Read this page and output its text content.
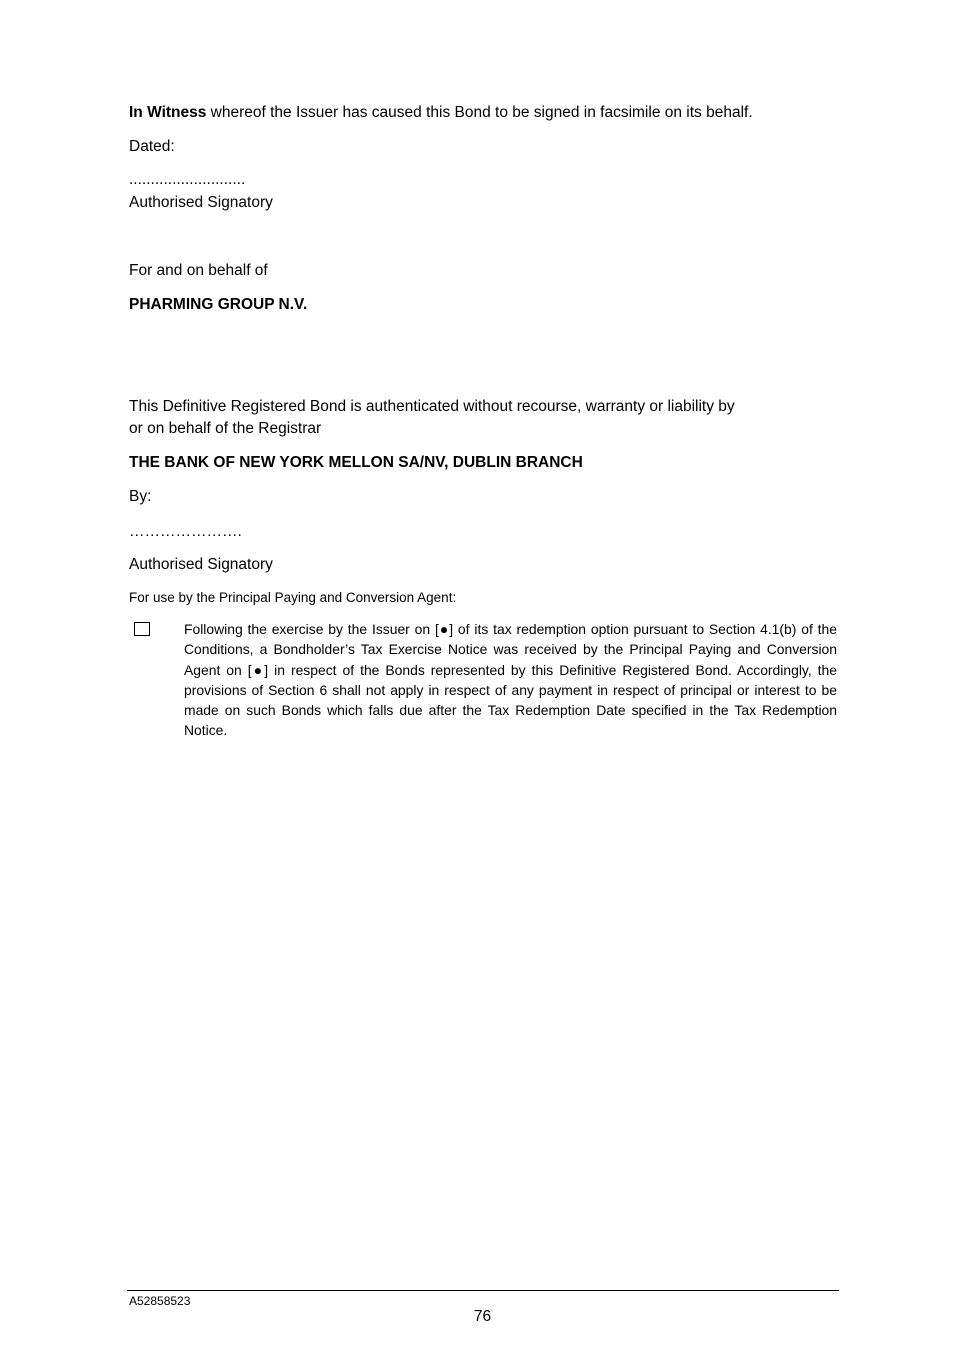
In Witness whereof the Issuer has caused this Bond to be signed in facsimile on its behalf.
Dated:
...........................
Authorised Signatory
For and on behalf of
PHARMING GROUP N.V.
This Definitive Registered Bond is authenticated without recourse, warranty or liability by
or on behalf of the Registrar
THE BANK OF NEW YORK MELLON SA/NV, DUBLIN BRANCH
By:
………………….
Authorised Signatory
For use by the Principal Paying and Conversion Agent:
Following the exercise by the Issuer on [●] of its tax redemption option pursuant to Section 4.1(b) of the Conditions, a Bondholder’s Tax Exercise Notice was received by the Principal Paying and Conversion Agent on [●] in respect of the Bonds represented by this Definitive Registered Bond. Accordingly, the provisions of Section 6 shall not apply in respect of any payment in respect of principal or interest to be made on such Bonds which falls due after the Tax Redemption Date specified in the Tax Redemption Notice.
A52858523
76
